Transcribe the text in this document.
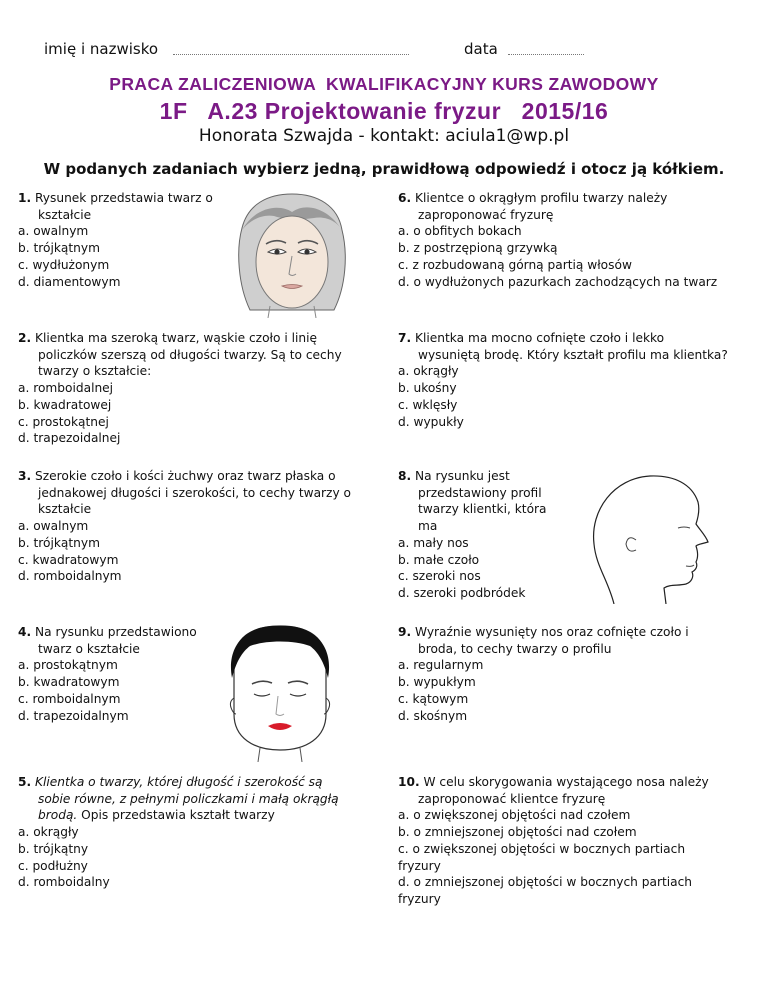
imię i nazwisko	data
PRACA ZALICZENIOWA  KWALIFIKACYJNY KURS ZAWODOWY
1F   A.23 Projektowanie fryzur   2015/16
Honorata Szwajda - kontakt: aciula1@wp.pl
W podanych zadaniach wybierz jedną, prawidłową odpowiedź i otocz ją kółkiem.
1. Rysunek przedstawia twarz o kształcie
a. owalnym
b. trójkątnym
c. wydłużonym
d. diamentowym
2. Klientka ma szeroką twarz, wąskie czoło i linię policzków szerszą od długości twarzy. Są to cechy twarzy o kształcie:
a. romboidalnej
b. kwadratowej
c. prostokątnej
d. trapezoidalnej
3. Szerokie czoło i kości żuchwy oraz twarz płaska o jednakowej długości i szerokości, to cechy twarzy o kształcie
a. owalnym
b. trójkątnym
c. kwadratowym
d. romboidalnym
4. Na rysunku przedstawiono twarz o kształcie
a. prostokątnym
b. kwadratowym
c. romboidalnym
d. trapezoidalnym
5. Klientka o twarzy, której długość i szerokość są sobie równe, z pełnymi policzkami i małą okrągłą brodą. Opis przedstawia kształt twarzy
a. okrągły
b. trójkątny
c. podłużny
d. romboidalny
6. Klientce o okrągłym profilu twarzy należy zaproponować fryzurę
a. o obfitych bokach
b. z postrzępioną grzywką
c. z rozbudowaną górną partią włosów
d. o wydłużonych pazurkach zachodzących na twarz
7. Klientka ma mocno cofnięte czoło i lekko wysuniętą brodę. Który kształt profilu ma klientka?
a. okrągły
b. ukośny
c. wklęsły
d. wypukły
8. Na rysunku jest przedstawiony profil twarzy klientki, która ma
a. mały nos
b. małe czoło
c. szeroki nos
d. szeroki podbródek
9. Wyraźnie wysunięty nos oraz cofnięte czoło i broda, to cechy twarzy o profilu
a. regularnym
b. wypukłym
c. kątowym
d. skośnym
10. W celu skorygowania wystającego nosa należy zaproponować klientce fryzurę
a. o zwiększonej objętości nad czołem
b. o zmniejszonej objętości nad czołem
c. o zwiększonej objętości w bocznych partiach fryzury
d. o zmniejszonej objętości w bocznych partiach fryzury
